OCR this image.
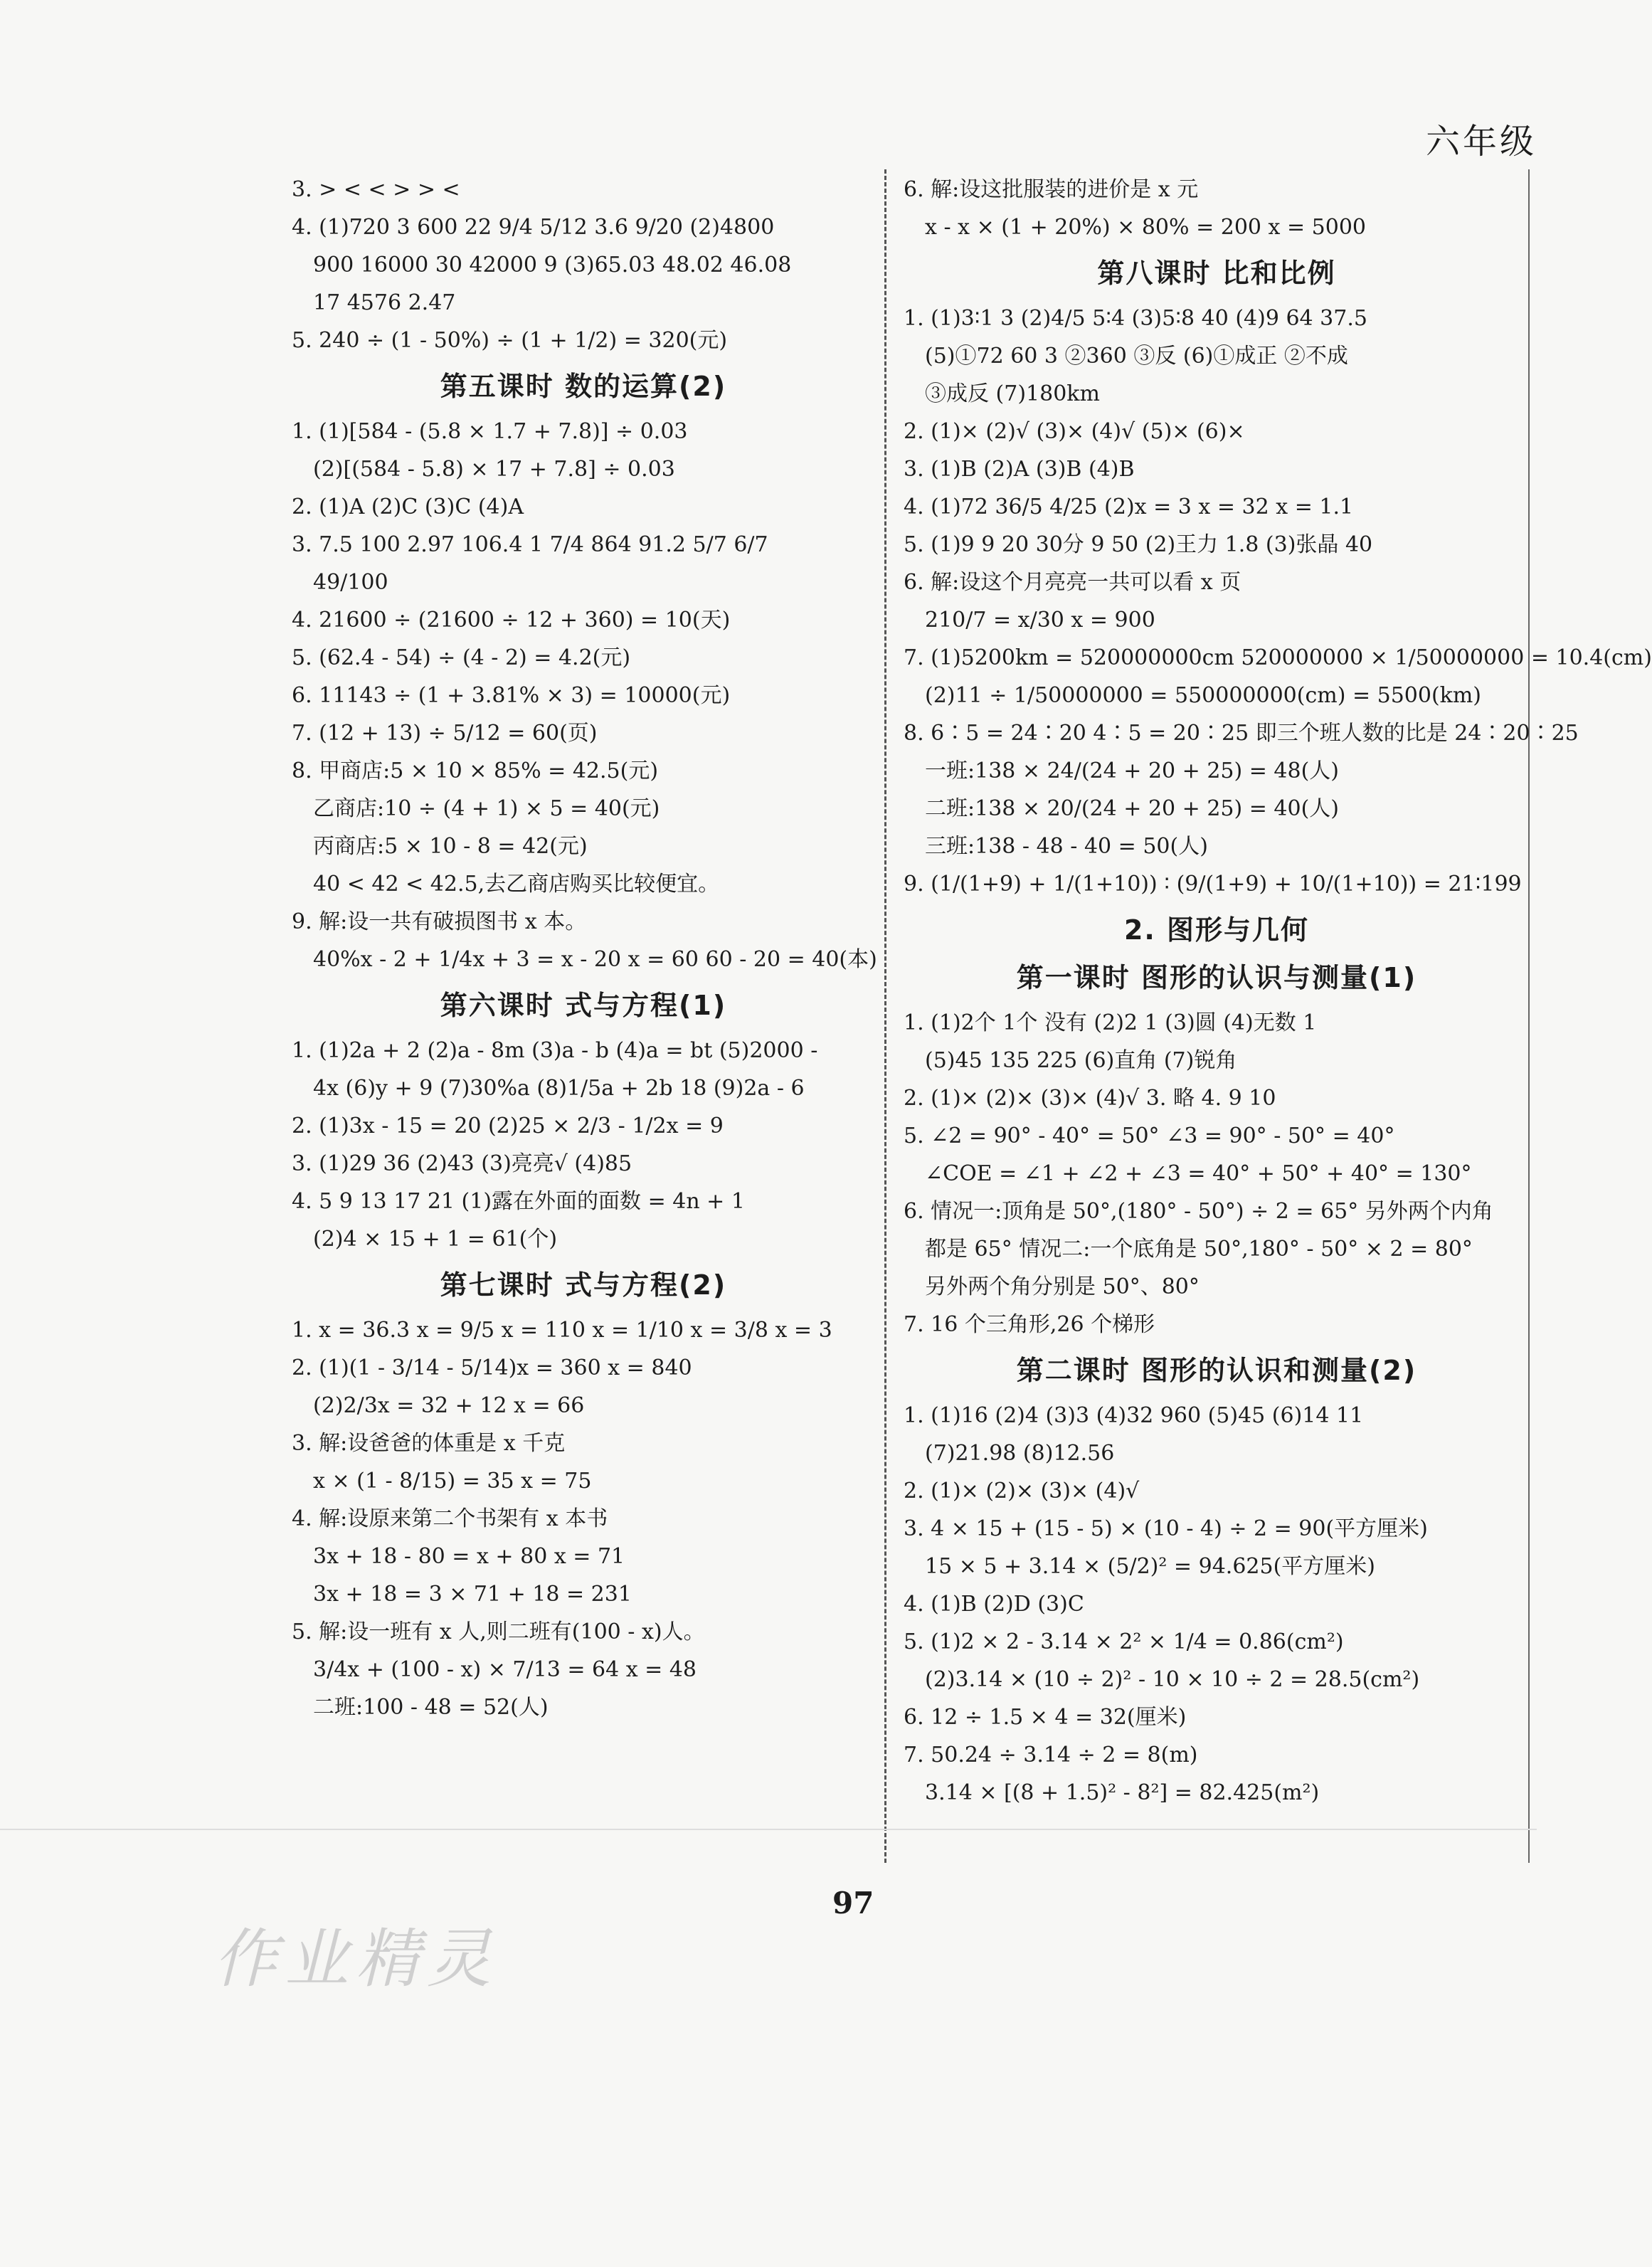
六年级
3. > < < > > <
4. (1)720 3 600 22 9/4 5/12 3.6 9/20 (2)4800
900 16000 30 42000 9 (3)65.03 48.02 46.08
17 4576 2.47
5. 240 ÷ (1 - 50%) ÷ (1 + 1/2) = 320(元)
第五课时 数的运算(2)
1. (1)[584 - (5.8 × 1.7 + 7.8)] ÷ 0.03
(2)[(584 - 5.8) × 17 + 7.8] ÷ 0.03
2. (1)A (2)C (3)C (4)A
3. 7.5 100 2.97 106.4 1 7/4 864 91.2 5/7 6/7
49/100
4. 21600 ÷ (21600 ÷ 12 + 360) = 10(天)
5. (62.4 - 54) ÷ (4 - 2) = 4.2(元)
6. 11143 ÷ (1 + 3.81% × 3) = 10000(元)
7. (12 + 13) ÷ 5/12 = 60(页)
8. 甲商店:5 × 10 × 85% = 42.5(元)
乙商店:10 ÷ (4 + 1) × 5 = 40(元)
丙商店:5 × 10 - 8 = 42(元)
40 < 42 < 42.5,去乙商店购买比较便宜。
9. 解:设一共有破损图书 x 本。
40%x - 2 + 1/4x + 3 = x - 20 x = 60 60 - 20 = 40(本)
第六课时 式与方程(1)
1. (1)2a + 2 (2)a - 8m (3)a - b (4)a = bt (5)2000 -
4x (6)y + 9 (7)30%a (8)1/5a + 2b 18 (9)2a - 6
2. (1)3x - 15 = 20 (2)25 × 2/3 - 1/2x = 9
3. (1)29 36 (2)43 (3)亮亮√ (4)85
4. 5 9 13 17 21 (1)露在外面的面数 = 4n + 1
(2)4 × 15 + 1 = 61(个)
第七课时 式与方程(2)
1. x = 36.3 x = 9/5 x = 110 x = 1/10 x = 3/8 x = 3
2. (1)(1 - 3/14 - 5/14)x = 360 x = 840
(2)2/3x = 32 + 12 x = 66
3. 解:设爸爸的体重是 x 千克
x × (1 - 8/15) = 35 x = 75
4. 解:设原来第二个书架有 x 本书
3x + 18 - 80 = x + 80 x = 71
3x + 18 = 3 × 71 + 18 = 231
5. 解:设一班有 x 人,则二班有(100 - x)人。
3/4x + (100 - x) × 7/13 = 64 x = 48
二班:100 - 48 = 52(人)
6. 解:设这批服装的进价是 x 元
x - x × (1 + 20%) × 80% = 200 x = 5000
第八课时 比和比例
1. (1)3∶1 3 (2)4/5 5∶4 (3)5∶8 40 (4)9 64 37.5
(5)①72 60 3 ②360 ③反 (6)①成正 ②不成
③成反 (7)180km
2. (1)× (2)√ (3)× (4)√ (5)× (6)×
3. (1)B (2)A (3)B (4)B
4. (1)72 36/5 4/25 (2)x = 3 x = 32 x = 1.1
5. (1)9 9 20 30分 9 50 (2)王力 1.8 (3)张晶 40
6. 解:设这个月亮亮一共可以看 x 页
210/7 = x/30 x = 900
7. (1)5200km = 520000000cm 520000000 × 1/50000000 = 10.4(cm)
(2)11 ÷ 1/50000000 = 550000000(cm) = 5500(km)
8. 6∶5 = 24∶20 4∶5 = 20∶25 即三个班人数的比是 24∶20∶25
一班:138 × 24/(24 + 20 + 25) = 48(人)
二班:138 × 20/(24 + 20 + 25) = 40(人)
三班:138 - 48 - 40 = 50(人)
9. (1/(1+9) + 1/(1+10)) ∶ (9/(1+9) + 10/(1+10)) = 21∶199
2. 图形与几何
第一课时 图形的认识与测量(1)
1. (1)2个 1个 没有 (2)2 1 (3)圆 (4)无数 1
(5)45 135 225 (6)直角 (7)锐角
2. (1)× (2)× (3)× (4)√ 3. 略 4. 9 10
5. ∠2 = 90° - 40° = 50° ∠3 = 90° - 50° = 40°
∠COE = ∠1 + ∠2 + ∠3 = 40° + 50° + 40° = 130°
6. 情况一:顶角是 50°,(180° - 50°) ÷ 2 = 65° 另外两个内角
都是 65° 情况二:一个底角是 50°,180° - 50° × 2 = 80°
另外两个角分别是 50°、80°
7. 16 个三角形,26 个梯形
第二课时 图形的认识和测量(2)
1. (1)16 (2)4 (3)3 (4)32 960 (5)45 (6)14 11
(7)21.98 (8)12.56
2. (1)× (2)× (3)× (4)√
3. 4 × 15 + (15 - 5) × (10 - 4) ÷ 2 = 90(平方厘米)
15 × 5 + 3.14 × (5/2)² = 94.625(平方厘米)
4. (1)B (2)D (3)C
5. (1)2 × 2 - 3.14 × 2² × 1/4 = 0.86(cm²)
(2)3.14 × (10 ÷ 2)² - 10 × 10 ÷ 2 = 28.5(cm²)
6. 12 ÷ 1.5 × 4 = 32(厘米)
7. 50.24 ÷ 3.14 ÷ 2 = 8(m)
3.14 × [(8 + 1.5)² - 8²] = 82.425(m²)
97
作业精灵
